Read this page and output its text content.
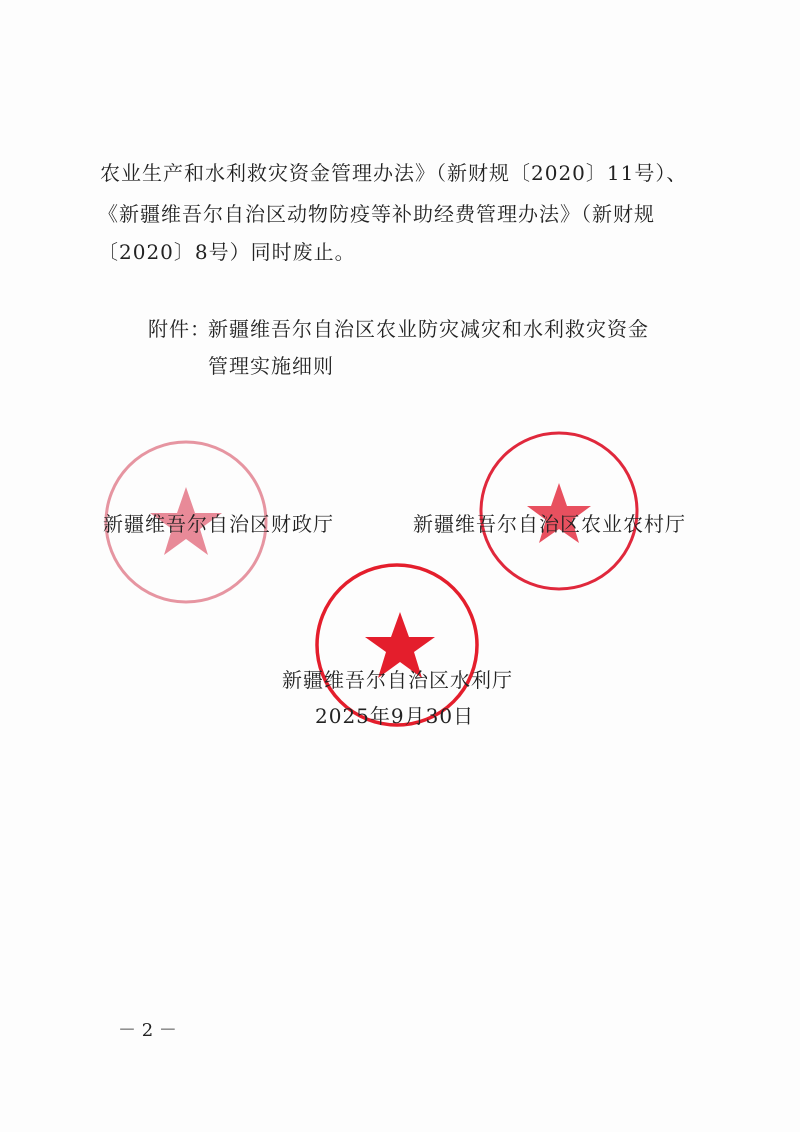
农业生产和水利救灾资金管理办法》（新财规〔2020〕11号）、
《新疆维吾尔自治区动物防疫等补助经费管理办法》（新财规
〔2020〕8号）同时废止。
附件：
新疆维吾尔自治区农业防灾减灾和水利救灾资金
管理实施细则
新疆维吾尔自治区财政厅	新疆维吾尔自治区农业农村厅
新疆维吾尔自治区水利厅
2025年9月30日
－ 2 －
